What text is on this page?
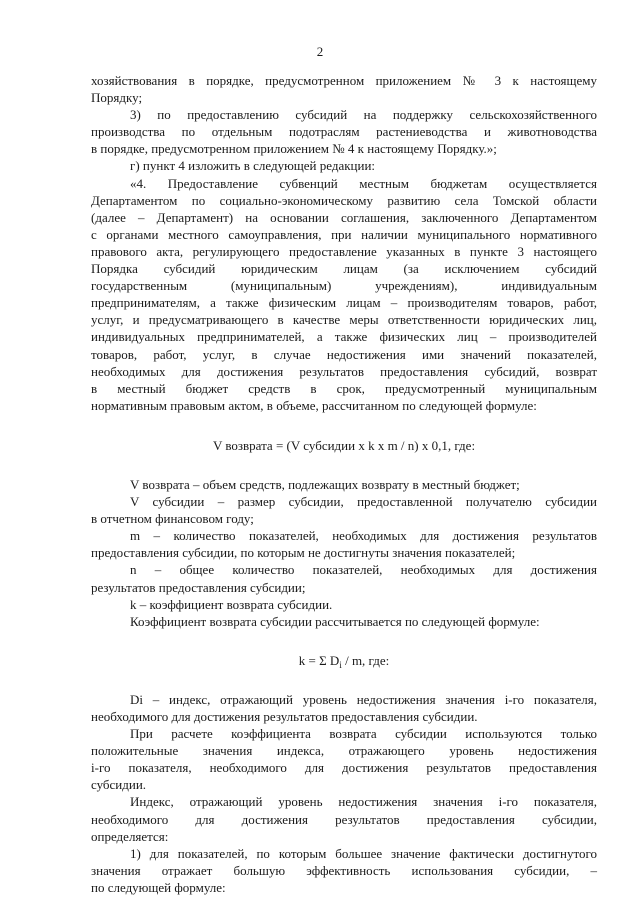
2
хозяйствования в порядке, предусмотренном приложением № 3 к настоящему
Порядку;
3) по предоставлению субсидий на поддержку сельскохозяйственного
производства по отдельным подотраслям растениеводства и животноводства
в порядке, предусмотренном приложением № 4 к настоящему Порядку.»;
г) пункт 4 изложить в следующей редакции:
«4. Предоставление субвенций местным бюджетам осуществляется
Департаментом по социально-экономическому развитию села Томской области
(далее – Департамент) на основании соглашения, заключенного Департаментом
с органами местного самоуправления, при наличии муниципального нормативного
правового акта, регулирующего предоставление указанных в пункте 3 настоящего
Порядка субсидий юридическим лицам (за исключением субсидий
государственным (муниципальным) учреждениям), индивидуальным
предпринимателям, а также физическим лицам – производителям товаров, работ,
услуг, и предусматривающего в качестве меры ответственности юридических лиц,
индивидуальных предпринимателей, а также физических лиц – производителей
товаров, работ, услуг, в случае недостижения ими значений показателей,
необходимых для достижения результатов предоставления субсидий, возврат
в местный бюджет средств в срок, предусмотренный муниципальным
нормативным правовым актом, в объеме, рассчитанном по следующей формуле:
V возврата = (V субсидии x k x m / n) x 0,1, где:
V возврата – объем средств, подлежащих возврату в местный бюджет;
V субсидии – размер субсидии, предоставленной получателю субсидии
в отчетном финансовом году;
m – количество показателей, необходимых для достижения результатов
предоставления субсидии, по которым не достигнуты значения показателей;
n – общее количество показателей, необходимых для достижения
результатов предоставления субсидии;
k – коэффициент возврата субсидии.
Коэффициент возврата субсидии рассчитывается по следующей формуле:
k = Σ $D_i$ / m, где:
Di – индекс, отражающий уровень недостижения значения i-го показателя,
необходимого для достижения результатов предоставления субсидии.
При расчете коэффициента возврата субсидии используются только
положительные значения индекса, отражающего уровень недостижения
i-го показателя, необходимого для достижения результатов предоставления
субсидии.
Индекс, отражающий уровень недостижения значения i-го показателя,
необходимого для достижения результатов предоставления субсидии,
определяется:
1) для показателей, по которым большее значение фактически достигнутого
значения отражает большую эффективность использования субсидии, –
по следующей формуле:
